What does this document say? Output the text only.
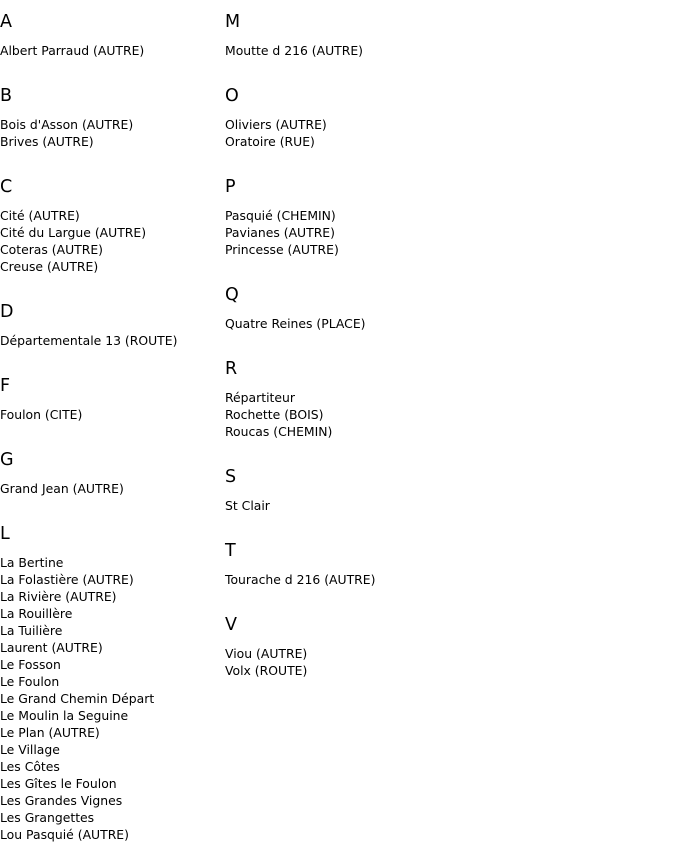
A
Albert Parraud (AUTRE)
B
Bois d'Asson (AUTRE)
Brives (AUTRE)
C
Cité (AUTRE)
Cité du Largue (AUTRE)
Coteras (AUTRE)
Creuse (AUTRE)
D
Départementale 13 (ROUTE)
F
Foulon (CITE)
G
Grand Jean (AUTRE)
L
La Bertine
La Folastière (AUTRE)
La Rivière (AUTRE)
La Rouillère
La Tuilière
Laurent (AUTRE)
Le Fosson
Le Foulon
Le Grand Chemin Départ
Le Moulin la Seguine
Le Plan (AUTRE)
Le Village
Les Côtes
Les Gîtes le Foulon
Les Grandes Vignes
Les Grangettes
Lou Pasquié (AUTRE)
M
Moutte d 216 (AUTRE)
O
Oliviers (AUTRE)
Oratoire (RUE)
P
Pasquié (CHEMIN)
Pavianes (AUTRE)
Princesse (AUTRE)
Q
Quatre Reines (PLACE)
R
Répartiteur
Rochette (BOIS)
Roucas (CHEMIN)
S
St Clair
T
Tourache d 216 (AUTRE)
V
Viou (AUTRE)
Volx (ROUTE)
